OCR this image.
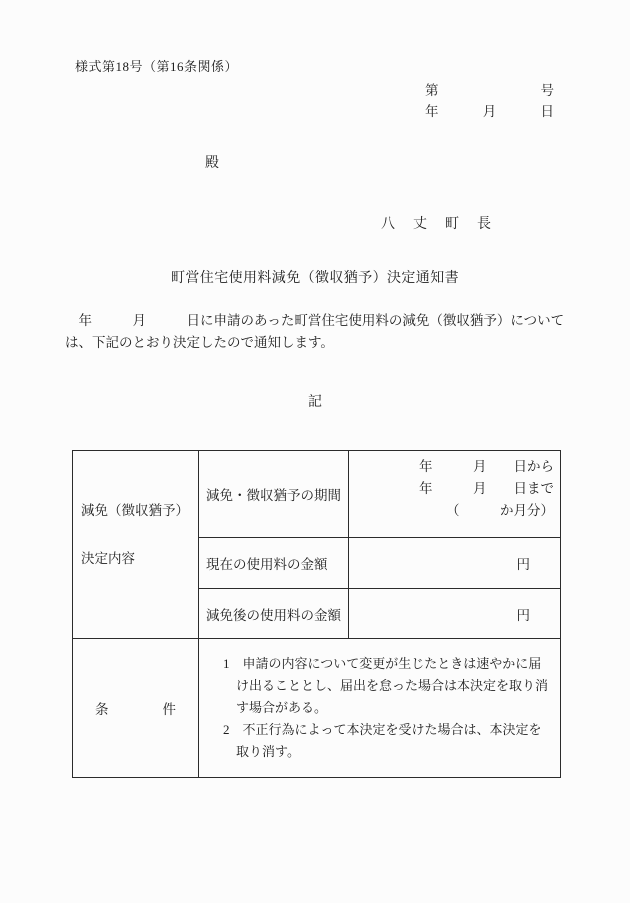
様式第18号（第16条関係）
第	号
年	月	日
殿
八　丈　町　長
町営住宅使用料減免（徴収猶予）決定通知書
　年　　　月　　　日に申請のあった町営住宅使用料の減免（徴収猶予）について
は、下記のとおり決定したので通知します。
記
減免（徴収猶予）
決定内容
	減免・徴収猶予の期間	
年　　　月　　日から
年　　　月　　日まで
（　　　か月分）

	現在の使用料の金額	円
	減免後の使用料の金額	円
条　　　　件	1　申請の内容について変更が生じたときは速やかに届け出ることとし、届出を怠った場合は本決定を取り消す場合がある。

2　不正行為によって本決定を受けた場合は、本決定を取り消す。	
